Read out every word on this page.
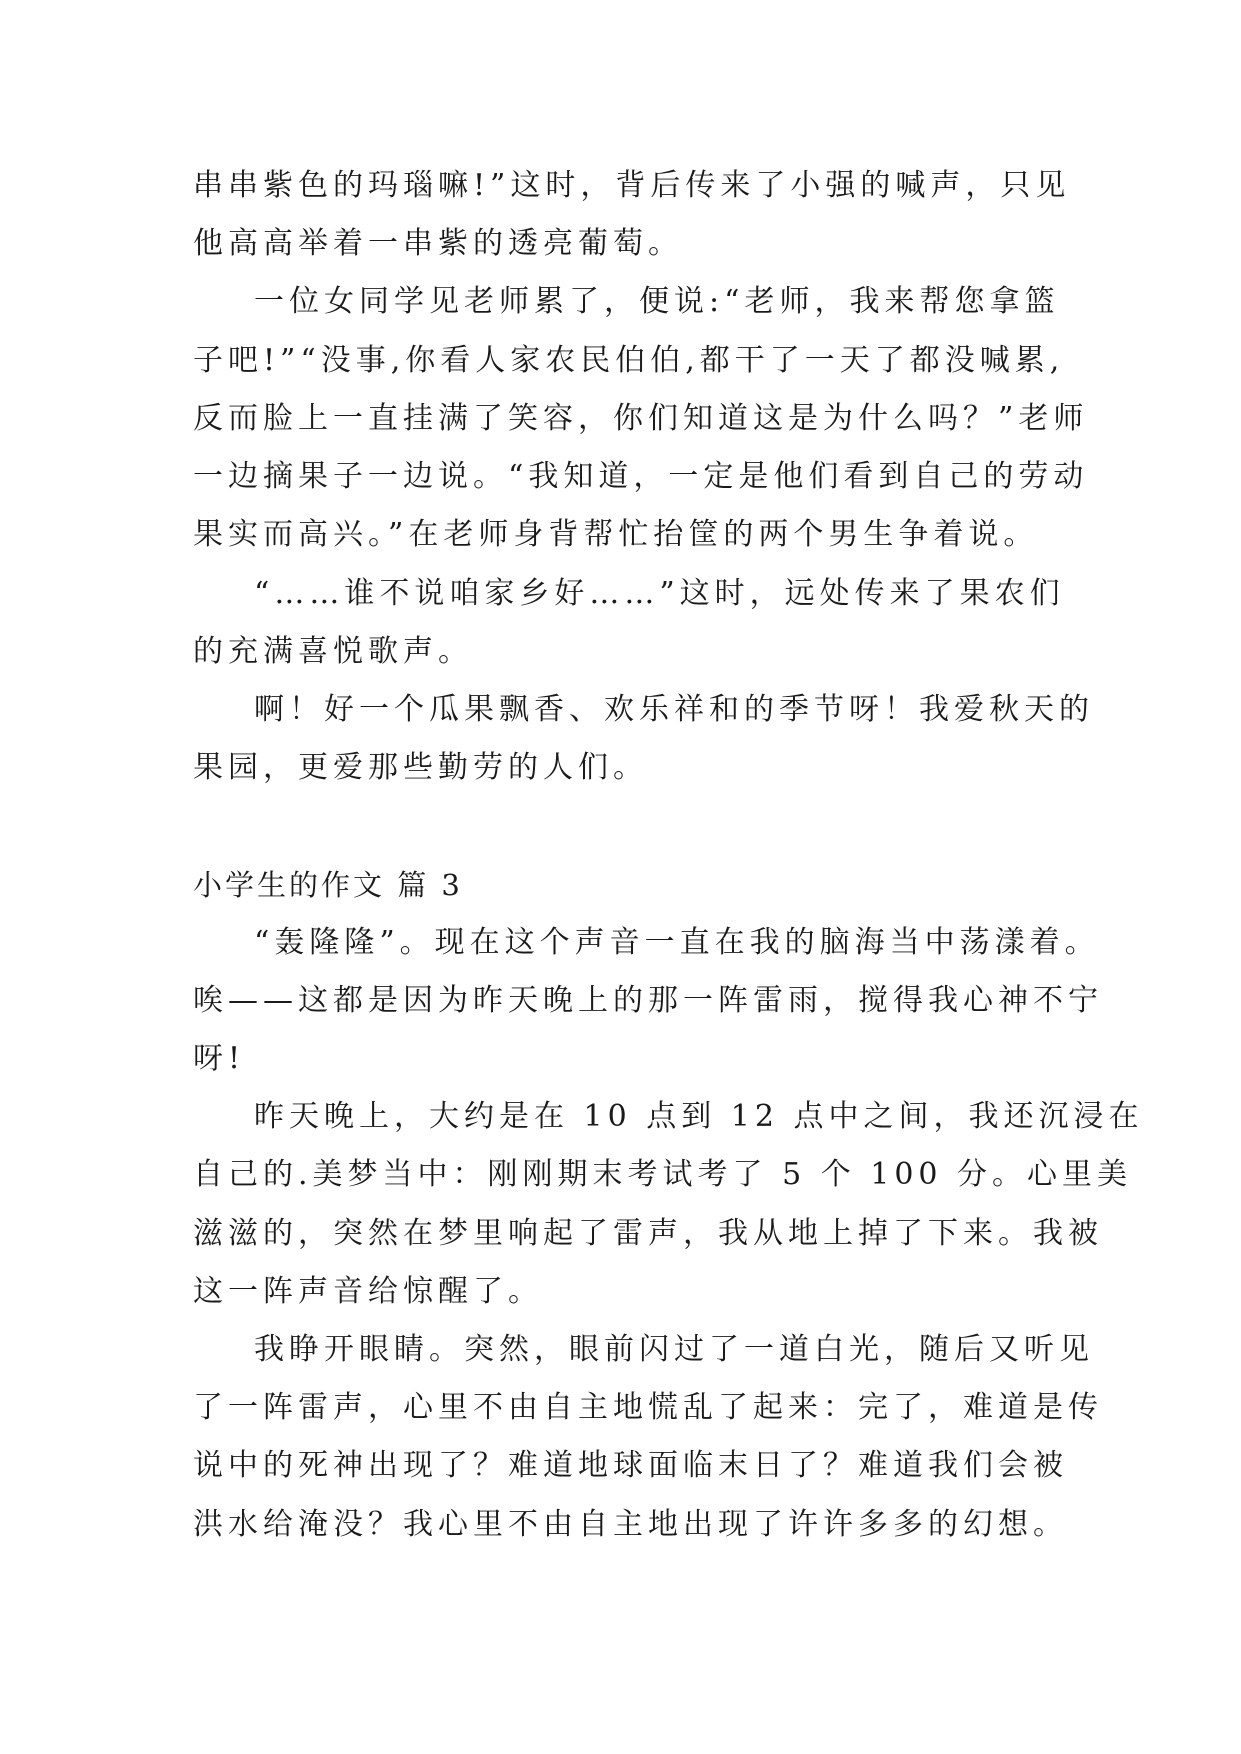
串串紫色的玛瑙嘛!”这时，背后传来了小强的喊声，只见

他高高举着一串紫的透亮葡萄。

一位女同学见老师累了，便说:“老师，我来帮您拿篮

子吧!”“没事,你看人家农民伯伯,都干了一天了都没喊累,

反而脸上一直挂满了笑容，你们知道这是为什么吗？”老师

一边摘果子一边说。“我知道，一定是他们看到自己的劳动

果实而高兴。”在老师身背帮忙抬筐的两个男生争着说。

“……谁不说咱家乡好……”这时，远处传来了果农们

的充满喜悦歌声。

啊！好一个瓜果飘香、欢乐祥和的季节呀！我爱秋天的

果园，更爱那些勤劳的人们。

小学生的作文 篇 3

“轰隆隆”。现在这个声音一直在我的脑海当中荡漾着。

唉——这都是因为昨天晚上的那一阵雷雨，搅得我心神不宁

呀!

昨天晚上，大约是在 10 点到 12 点中之间，我还沉浸在

自己的.美梦当中：刚刚期末考试考了 5 个 100 分。心里美

滋滋的，突然在梦里响起了雷声，我从地上掉了下来。我被

这一阵声音给惊醒了。

我睁开眼睛。突然，眼前闪过了一道白光，随后又听见

了一阵雷声，心里不由自主地慌乱了起来：完了，难道是传

说中的死神出现了？难道地球面临末日了？难道我们会被

洪水给淹没？我心里不由自主地出现了许许多多的幻想。
